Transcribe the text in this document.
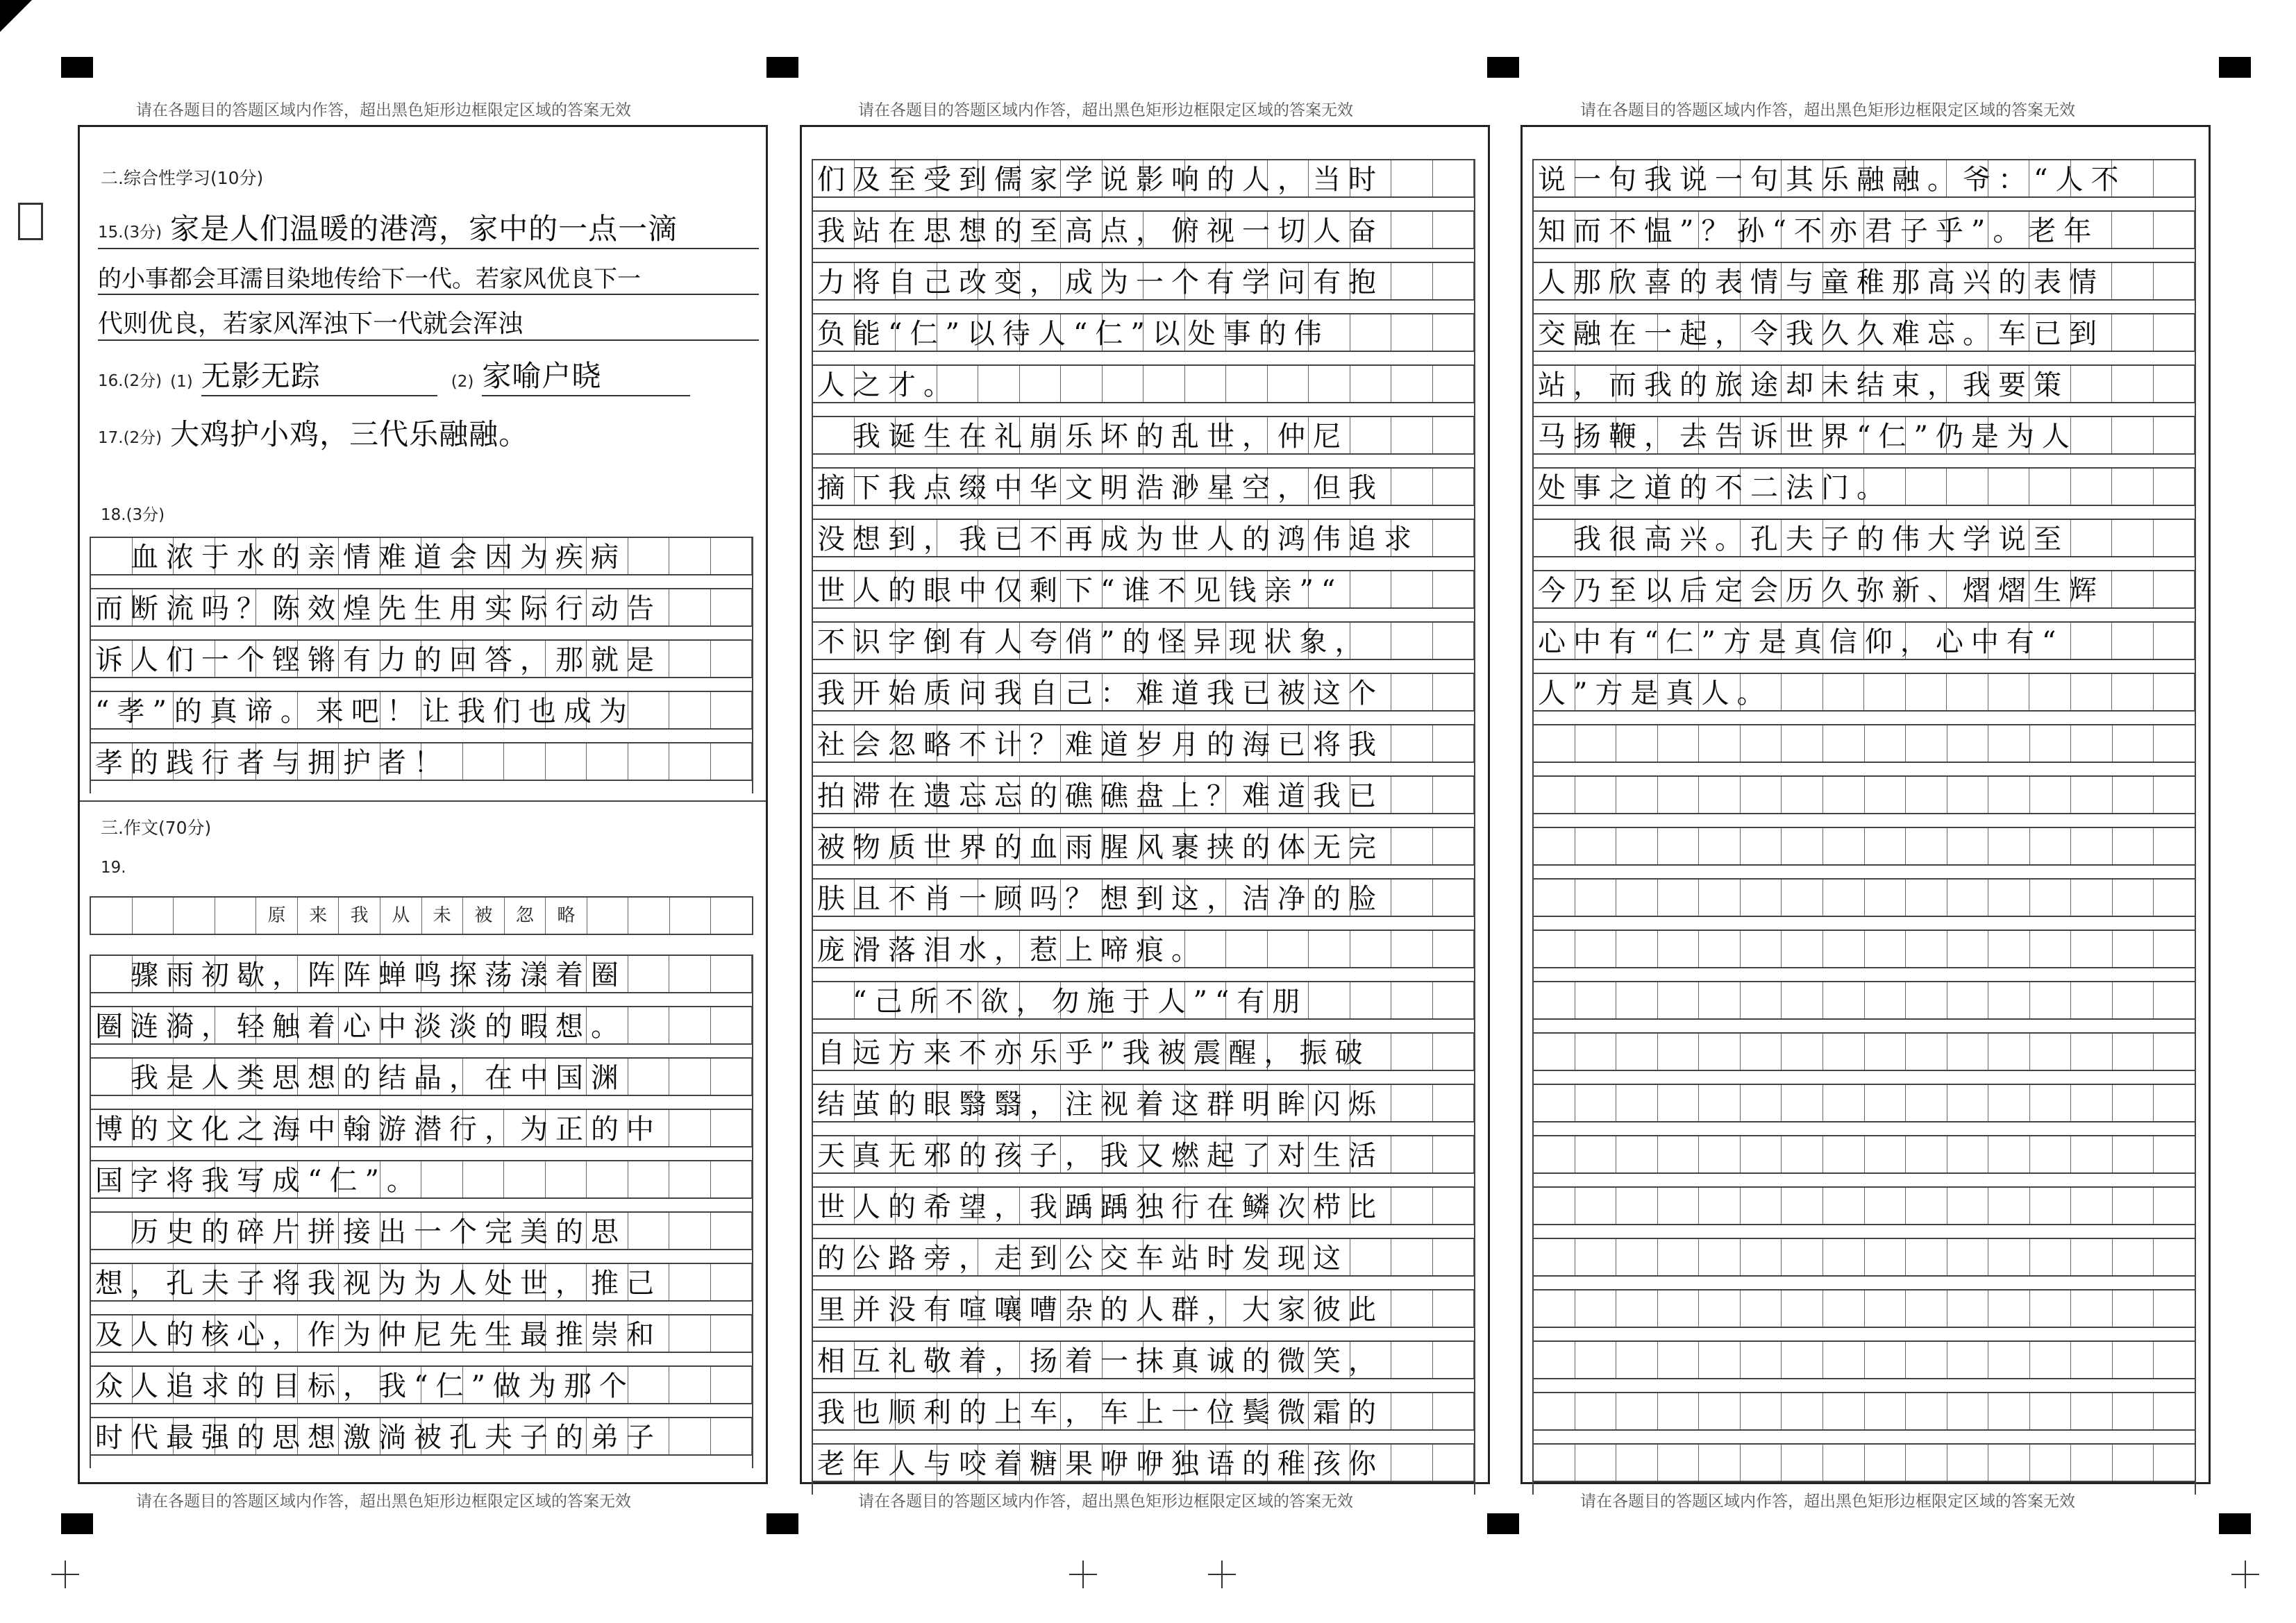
请在各题目的答题区域内作答，超出黑色矩形边框限定区域的答案无效	请在各题目的答题区域内作答，超出黑色矩形边框限定区域的答案无效	请在各题目的答题区域内作答，超出黑色矩形边框限定区域的答案无效
请在各题目的答题区域内作答，超出黑色矩形边框限定区域的答案无效	请在各题目的答题区域内作答，超出黑色矩形边框限定区域的答案无效	请在各题目的答题区域内作答，超出黑色矩形边框限定区域的答案无效
二.综合性学习(10分)
15.(3分) 家是人们温暖的港湾，家中的一点一滴
的小事都会耳濡目染地传给下一代。若家风优良下一
代则优良，若家风浑浊下一代就会浑浊
16.(2分) (1) 无影无踪	(2) 家喻户晓
17.(2分) 大鸡护小鸡，三代乐融融。
18.(3分)
　血浓于水的亲情难道会因为疾病
而断流吗？陈效煌先生用实际行动告
诉人们一个铿锵有力的回答，那就是
“孝”的真谛。来吧！让我们也成为
孝的践行者与拥护者！
三.作文(70分)
19.
原	来	我	从	未	被	忽	略
　骤雨初歇，阵阵蝉鸣探荡漾着圈
圈涟漪，轻触着心中淡淡的暇想。
　我是人类思想的结晶，在中国渊
博的文化之海中翰游潜行，为正的中
国字将我写成“仁”。
　历史的碎片拼接出一个完美的思
想，孔夫子将我视为为人处世，推己
及人的核心，作为仲尼先生最推崇和
众人追求的目标，我“仁”做为那个
时代最强的思想激淌被孔夫子的弟子
们及至受到儒家学说影响的人，当时
我站在思想的至高点，俯视一切人奋
力将自己改变，成为一个有学问有抱
负能“仁”以待人“仁”以处事的伟
人之才。
　我诞生在礼崩乐坏的乱世，仲尼
摘下我点缀中华文明浩渺星空，但我
没想到，我已不再成为世人的鸿伟追求
世人的眼中仅剩下“谁不见钱亲”“
不识字倒有人夸俏”的怪异现状象，
我开始质问我自己：难道我已被这个
社会忽略不计？难道岁月的海已将我
拍滞在遗忘忘的礁礁盘上？难道我已
被物质世界的血雨腥风裹挟的体无完
肤且不肖一顾吗？想到这，洁净的脸
庞滑落泪水，惹上啼痕。
　“己所不欲，勿施于人”“有朋
自远方来不亦乐乎”我被震醒，振破
结茧的眼翳翳，注视着这群明眸闪烁
天真无邪的孩子，我又燃起了对生活
世人的希望，我踽踽独行在鳞次栉比
的公路旁，走到公交车站时发现这
里并没有喧嚷嘈杂的人群，大家彼此
相互礼敬着，扬着一抹真诚的微笑，
我也顺利的上车，车上一位鬓微霜的
老年人与咬着糖果咿咿独语的稚孩你
说一句我说一句其乐融融。爷：“人不
知而不愠”？孙“不亦君子乎”。老年
人那欣喜的表情与童稚那高兴的表情
交融在一起，令我久久难忘。车已到
站，而我的旅途却未结束，我要策
马扬鞭，去告诉世界“仁”仍是为人
处事之道的不二法门。
　我很高兴。孔夫子的伟大学说至
今乃至以后定会历久弥新、熠熠生辉
心中有“仁”方是真信仰，心中有“
人”方是真人。
